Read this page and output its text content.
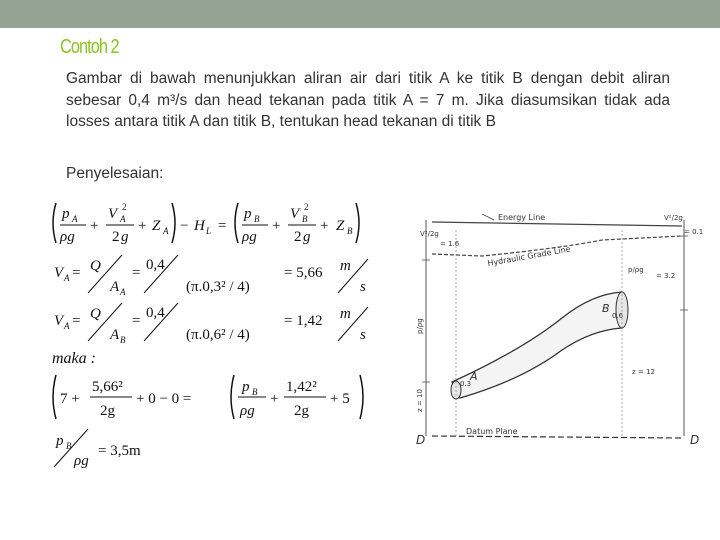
Contoh 2
Gambar di bawah menunjukkan aliran air dari titik A ke titik B dengan debit aliran sebesar 0,4 m³/s dan head tekanan pada titik A = 7 m. Jika diasumsikan tidak ada losses antara titik A dan titik B, tentukan head tekanan di titik B
Penyelesaian:
p A
ρg
+
V A
2
2 g
+ Z A − H L =
p B
ρg
+
V B
2
2 g
+ Z B
V A = Q
A A
= 0,4
(π.0,3² / 4)
= 5,66 m
s
V A = Q
A B
= 0,4
(π.0,6² / 4)
= 1,42 m
s
maka :
7 +
5,66²
2g
+ 0 − 0 =
p B
ρg
+
1,42²
2g
+ 5
p B
ρg
= 3,5m
Energy Line
Hydraulic Grade Line
A
B
0.3
0.6
Datum Plane
D	D
V²/2g
= 1.6
V²/2g
= 0.1
p/ρg
p/ρg
= 3.2
z = 10
z = 12
